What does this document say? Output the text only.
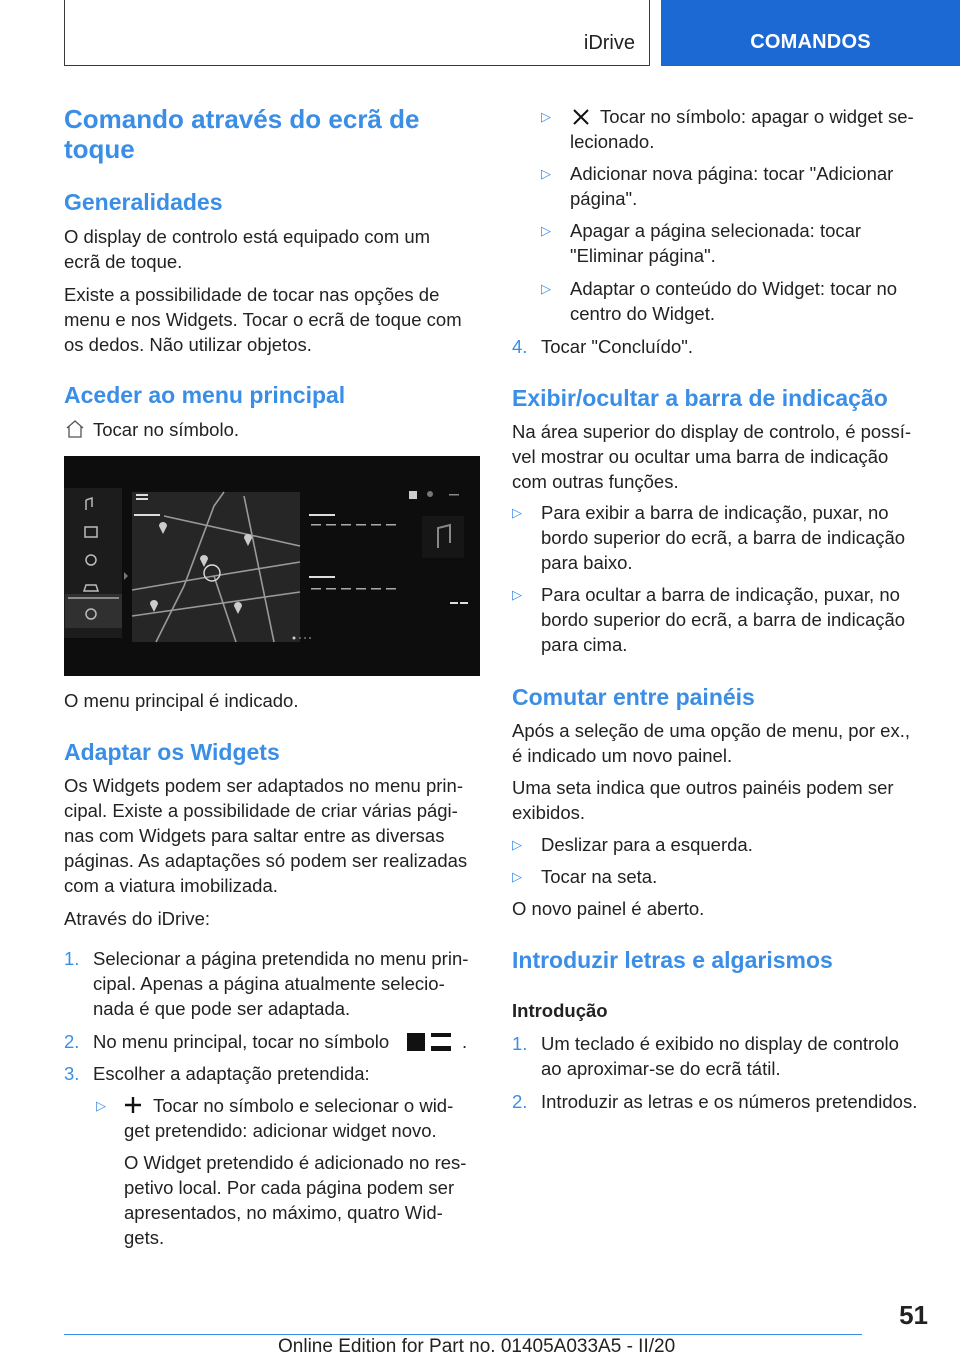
iDrive	COMANDOS
Comando através do ecrã de
toque
Generalidades

O display de controlo está equipado com um
ecrã de toque.

Existe a possibilidade de tocar nas opções de
menu e nos Widgets. Tocar o ecrã de toque com
os dedos. Não utilizar objetos.

Aceder ao menu principal

Tocar no símbolo.

O menu principal é indicado.

Adaptar os Widgets

Os Widgets podem ser adaptados no menu prin-
cipal. Existe a possibilidade de criar várias pági-
nas com Widgets para saltar entre as diversas
páginas. As adaptações só podem ser realizadas
com a viatura imobilizada.

Através do iDrive:

1. Selecionar a página pretendida no menu prin-
cipal. Apenas a página atualmente selecio-
nada é que pode ser adaptada.

2. No menu principal, tocar no símbolo	.
3. Escolher a adaptação pretendida:

▷	Tocar no símbolo e selecionar o wid-
get pretendido: adicionar widget novo.

O Widget pretendido é adicionado no res-
petivo local. Por cada página podem ser
apresentados, no máximo, quatro Wid-
gets.

▷	Tocar no símbolo: apagar o widget se-
lecionado.

▷ Adicionar nova página: tocar "Adicionar
página".

▷ Apagar a página selecionada: tocar
"Eliminar página".

▷ Adaptar o conteúdo do Widget: tocar no
centro do Widget.

4. Tocar "Concluído".

Exibir/ocultar a barra de indicação

Na área superior do display de controlo, é possí-
vel mostrar ou ocultar uma barra de indicação
com outras funções.

▷ Para exibir a barra de indicação, puxar, no
bordo superior do ecrã, a barra de indicação
para baixo.

▷ Para ocultar a barra de indicação, puxar, no
bordo superior do ecrã, a barra de indicação
para cima.

Comutar entre painéis

Após a seleção de uma opção de menu, por ex.,
é indicado um novo painel.

Uma seta indica que outros painéis podem ser
exibidos.

▷ Deslizar para a esquerda.

▷ Tocar na seta.

O novo painel é aberto.

Introduzir letras e algarismos
Introdução
1. Um teclado é exibido no display de controlo
ao aproximar-se do ecrã tátil.

2. Introduzir as letras e os números pretendidos.

51
Online Edition for Part no. 01405A033A5 - II/20
